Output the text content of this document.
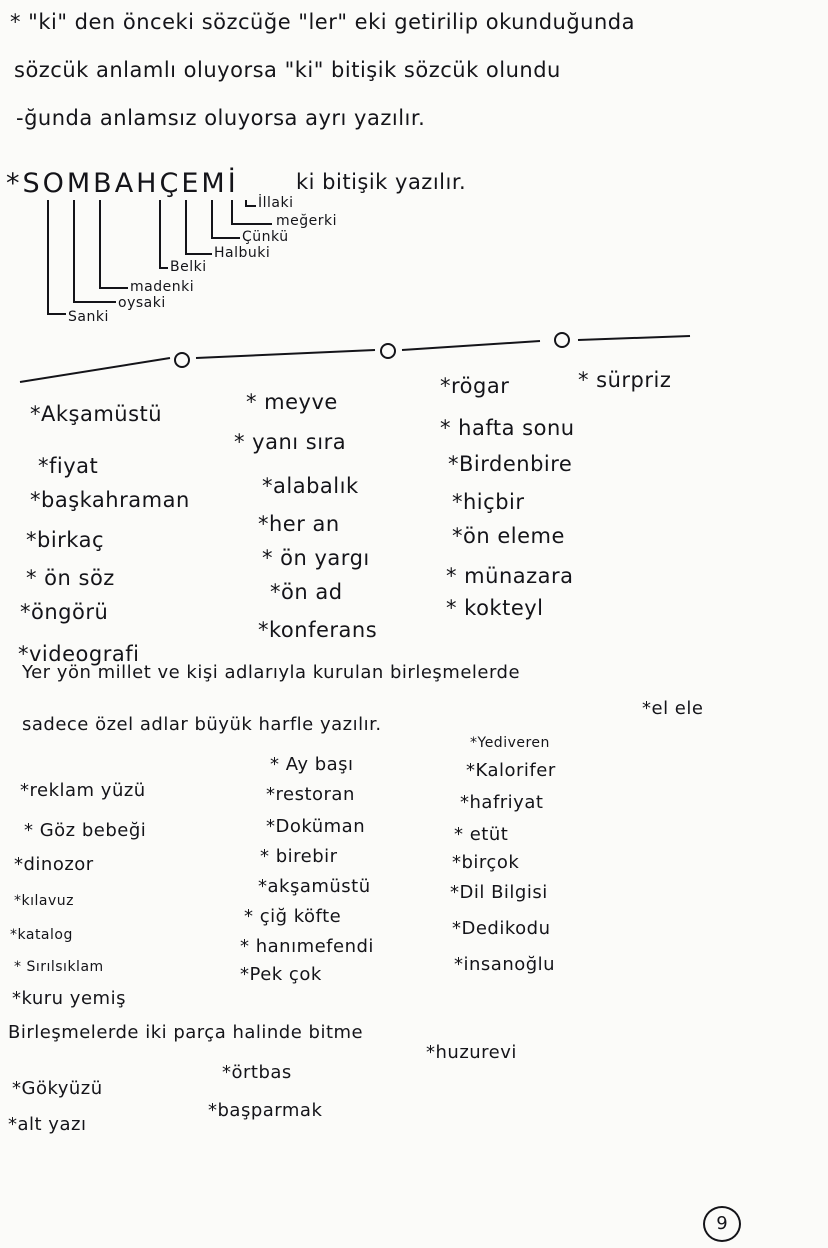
* "ki" den önceki sözcüğe "ler" eki getirilip okunduğunda
sözcük anlamlı oluyorsa "ki" bitişik sözcük olundu
-ğunda anlamsız oluyorsa ayrı yazılır.
*SOMBAHÇEMİ	ki bitişik yazılır.
İllaki
meğerki
Çünkü
Halbuki
Belki
madenki
oysaki
Sanki
*Akşamüstü
*fiyat
*başkahraman
*birkaç
* ön söz
*öngörü
*videografi
* meyve
* yanı sıra
*alabalık
*her an
* ön yargı
*ön ad
*konferans
*rögar	* sürpriz
* hafta sonu
*Birdenbire
*hiçbir
*ön eleme
* münazara
* kokteyl
Yer yön millet ve kişi adlarıyla kurulan birleşmelerde
sadece özel adlar büyük harfle yazılır.
*el ele
*reklam yüzü
* Göz bebeği
*dinozor
*kılavuz
*katalog
* Sırılsıklam
*kuru yemiş
* Ay başı
*restoran
*Doküman
* birebir
*akşamüstü
* çiğ köfte
* hanımefendi
*Pek çok
*Yediveren
*Kalorifer
*hafriyat
* etüt
*birçok
*Dil Bilgisi
*Dedikodu
*insanoğlu
Birleşmelerde iki parça halinde bitme
*Gökyüzü
*alt yazı
*örtbas
*başparmak
*huzurevi
9
